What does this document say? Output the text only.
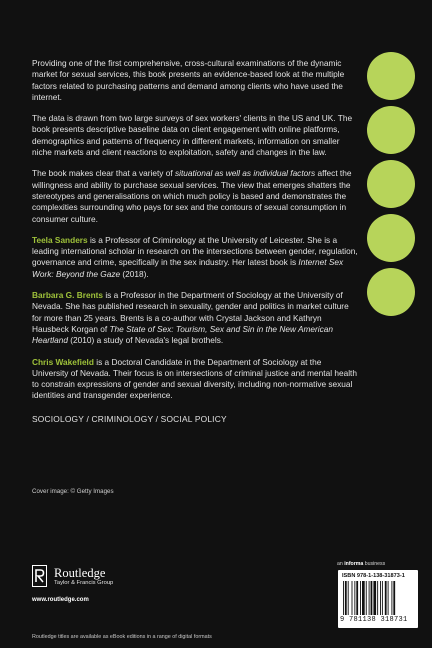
Providing one of the first comprehensive, cross-cultural examinations of the dynamic market for sexual services, this book presents an evidence-based look at the multiple factors related to purchasing patterns and demand among clients who have used the internet.

The data is drawn from two large surveys of sex workers' clients in the US and UK. The book presents descriptive baseline data on client engagement with online platforms, demographics and patterns of frequency in different markets, information on smaller niche markets and client reactions to exploitation, safety and changes in the law.

The book makes clear that a variety of situational as well as individual factors affect the willingness and ability to purchase sexual services. The view that emerges shatters the stereotypes and generalisations on which much policy is based and demonstrates the complexities surrounding who pays for sex and the contours of sexual consumption in consumer culture.

Teela Sanders is a Professor of Criminology at the University of Leicester. She is a leading international scholar in research on the intersections between gender, regulation, governance and crime, specifically in the sex industry. Her latest book is Internet Sex Work: Beyond the Gaze (2018).

Barbara G. Brents is a Professor in the Department of Sociology at the University of Nevada. She has published research in sexuality, gender and politics in market culture for more than 25 years. Brents is a co-author with Crystal Jackson and Kathryn Hausbeck Korgan of The State of Sex: Tourism, Sex and Sin in the New American Heartland (2010) a study of Nevada's legal brothels.

Chris Wakefield is a Doctoral Candidate in the Department of Sociology at the University of Nevada. Their focus is on intersections of criminal justice and mental health to constrain expressions of gender and sexual diversity, including non-normative sexual identities and transgender experience.

SOCIOLOGY / CRIMINOLOGY / SOCIAL POLICY
Cover image: © Getty Images
Routledge
Taylor & Francis Group
www.routledge.com
an informa business
ISBN 978-1-138-31873-1
9 781138 318731
Routledge titles are available as eBook editions in a range of digital formats
